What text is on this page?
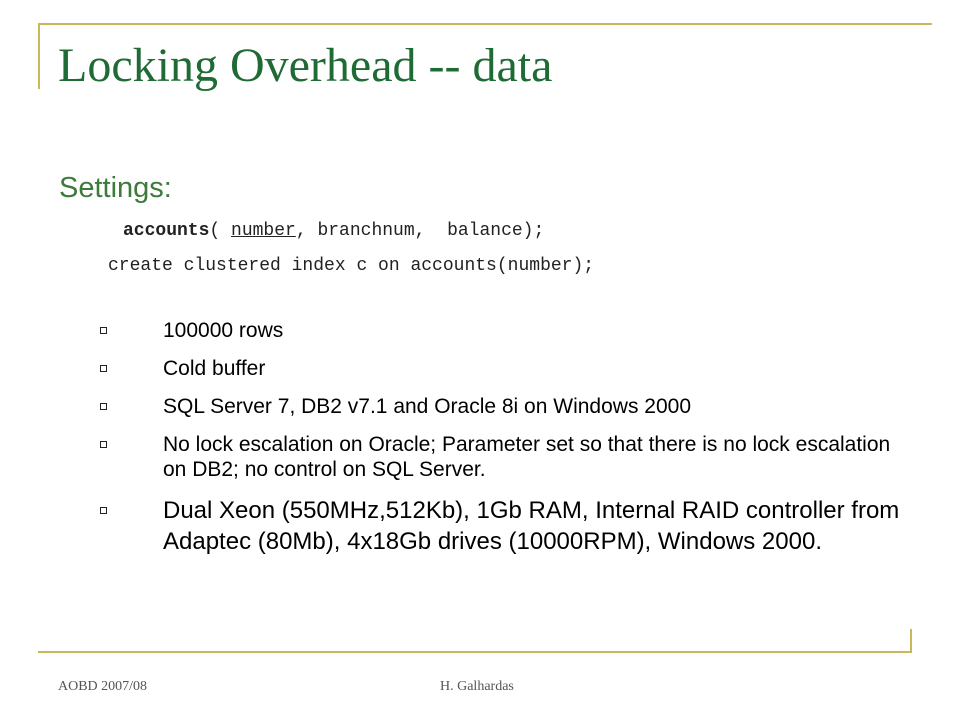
Locking Overhead -- data
Settings:
accounts( number, branchnum,  balance);
create clustered index c on accounts(number);
100000 rows
Cold buffer
SQL Server 7, DB2 v7.1 and Oracle 8i on Windows 2000
No lock escalation on Oracle; Parameter set so that there is no lock escalation on DB2; no control on SQL Server.
Dual Xeon (550MHz,512Kb), 1Gb RAM, Internal RAID controller from Adaptec (80Mb), 4x18Gb drives (10000RPM), Windows 2000.
AOBD 2007/08	H. Galhardas
